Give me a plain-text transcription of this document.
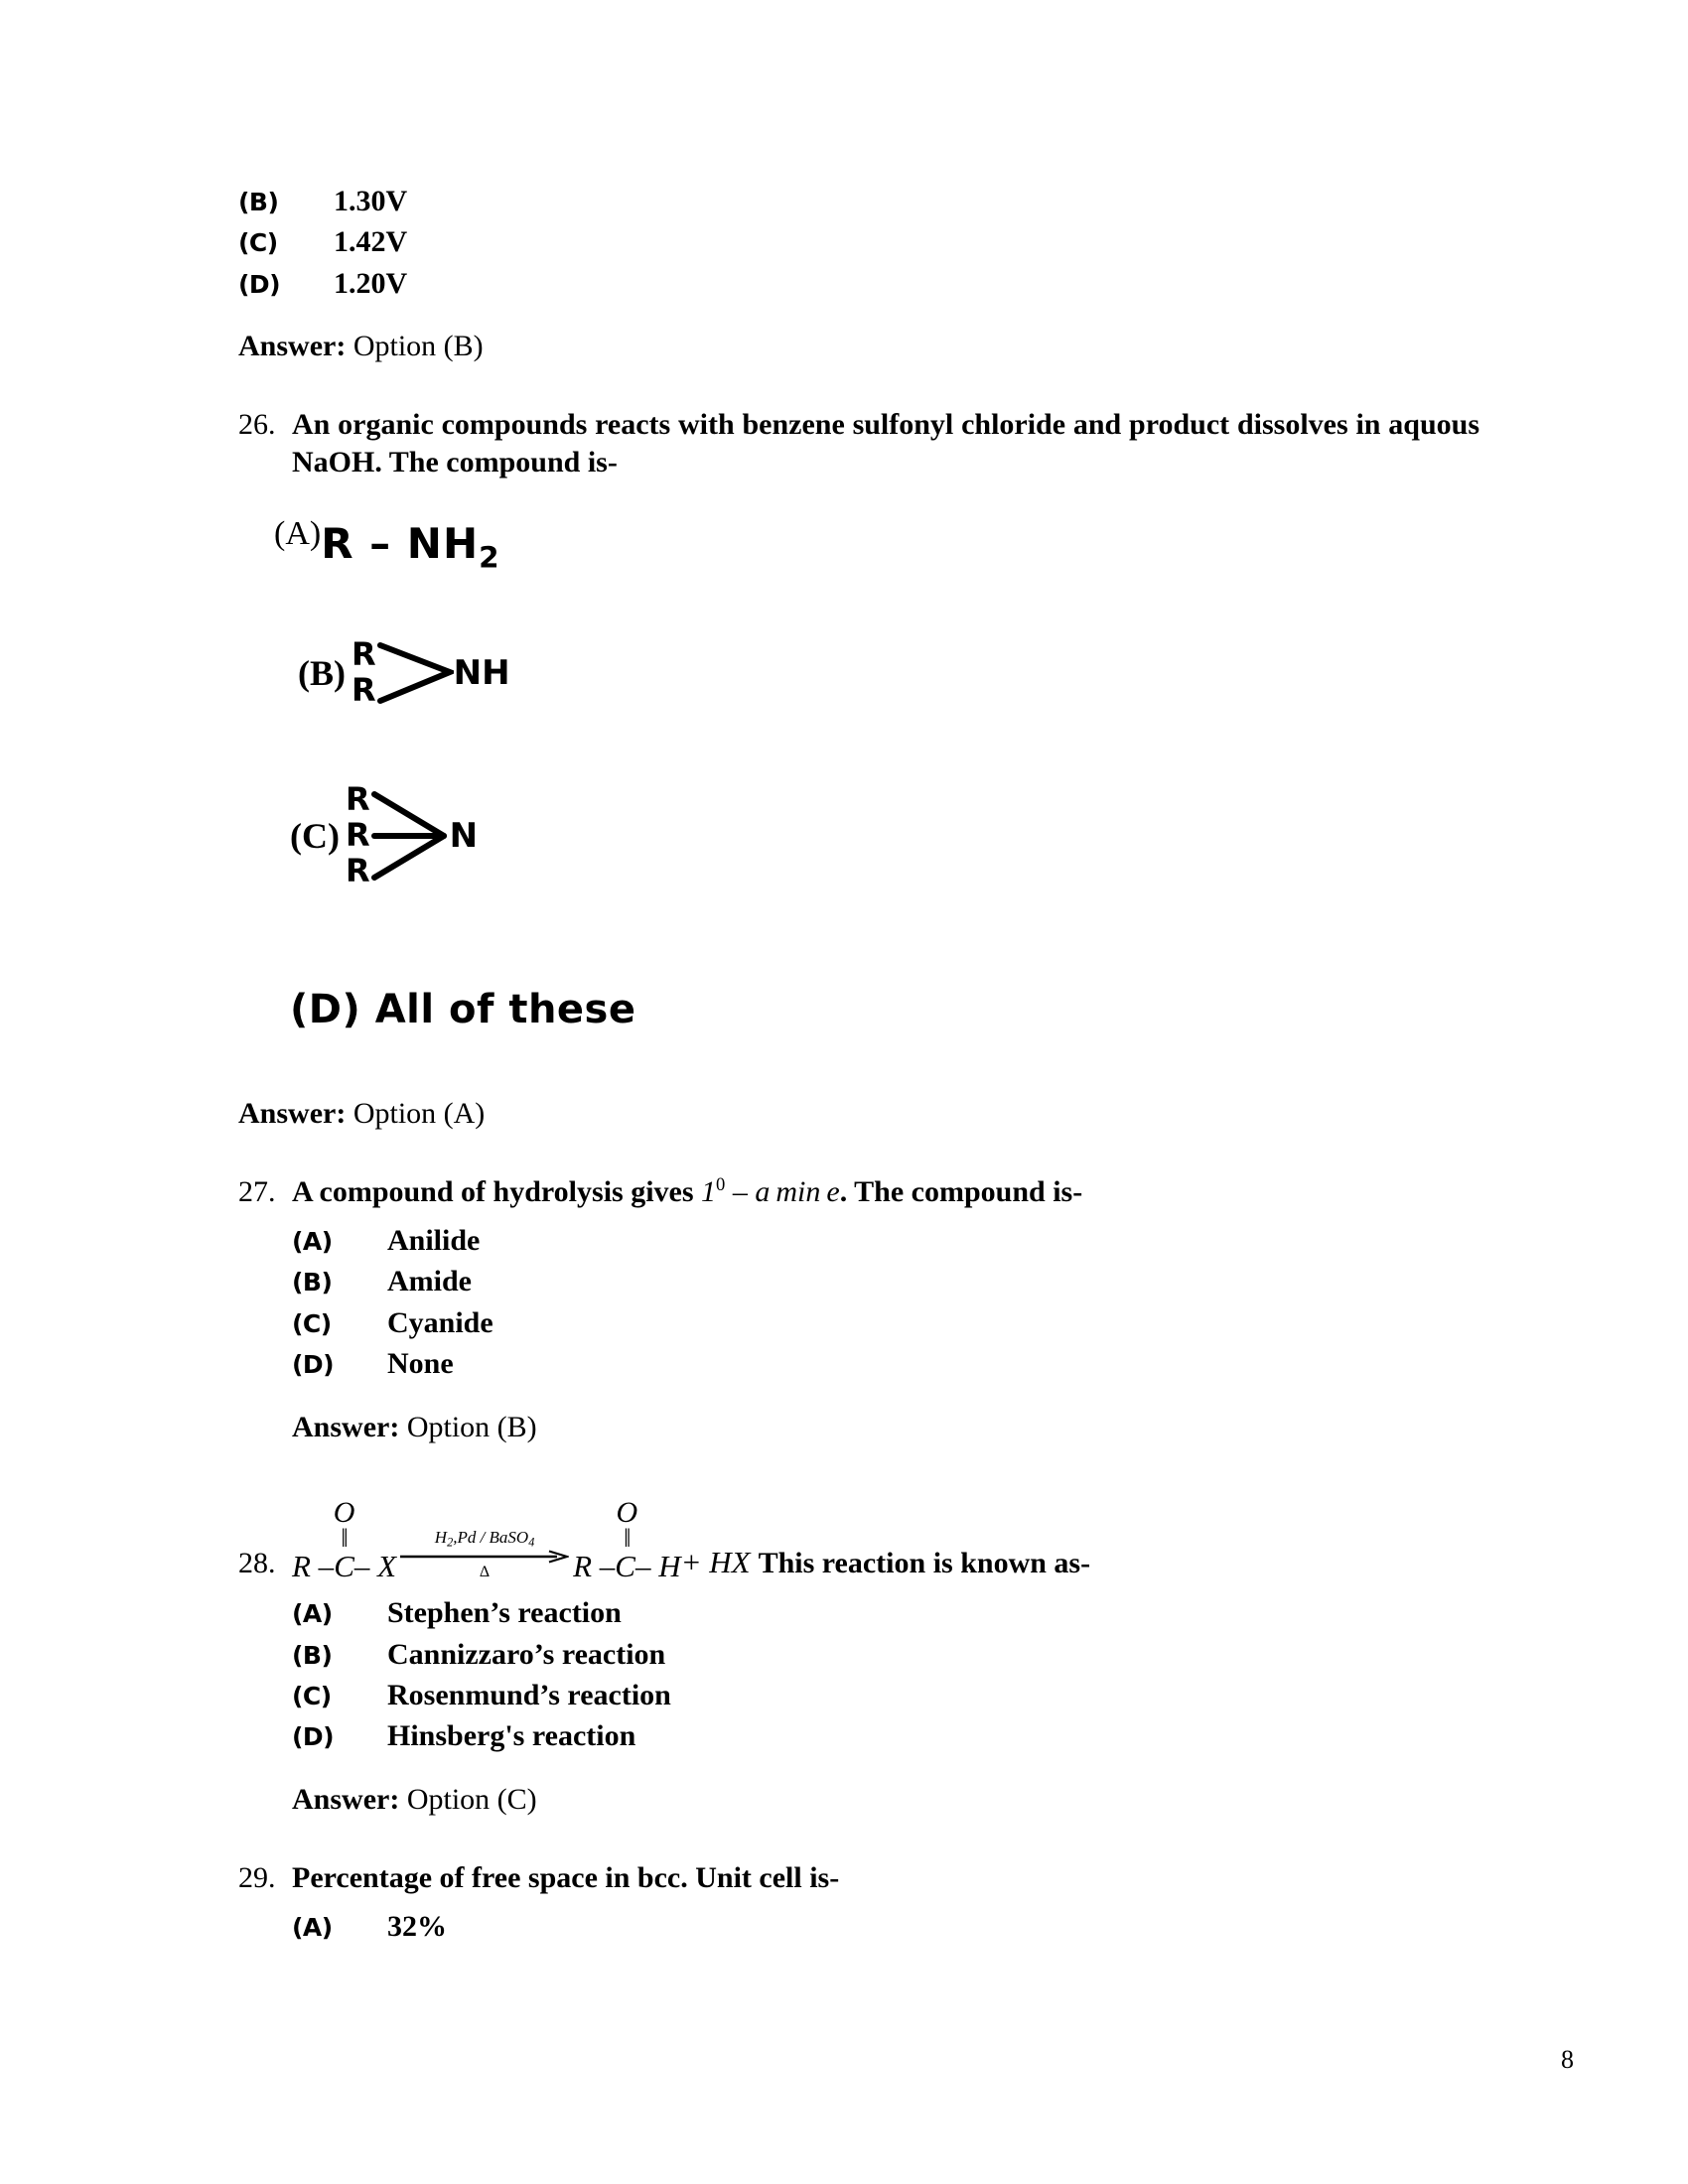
(B)	1.30V
(C)	1.42V
(D)	1.20V
Answer: Option (B)
26. An organic compounds reacts with benzene sulfonyl chloride and product dissolves in aquous NaOH. The compound is-
$(A)R - NH_2$
(B) R
R NH
(C)
R
R
R
N
(D) All of these
Answer: Option (A)
27. A compound of hydrolysis gives $1^0$ – a  min  e. The compound is-
(A)	Anilide
(B)	Amide
(C)	Cyanide
(D)	None
Answer: Option (B)
28.
O
‖
R –C– X
$H_2,Pd$ / BaSO$_4$
Δ
O
‖
R –C– H + HX This reaction is known as-
(A)	Stephen’s reaction
(B)	Cannizzaro’s reaction
(C)	Rosenmund’s reaction
(D)	Hinsberg's reaction
Answer: Option (C)
29. Percentage of free space in bcc. Unit cell is-
(A)	32%
8
